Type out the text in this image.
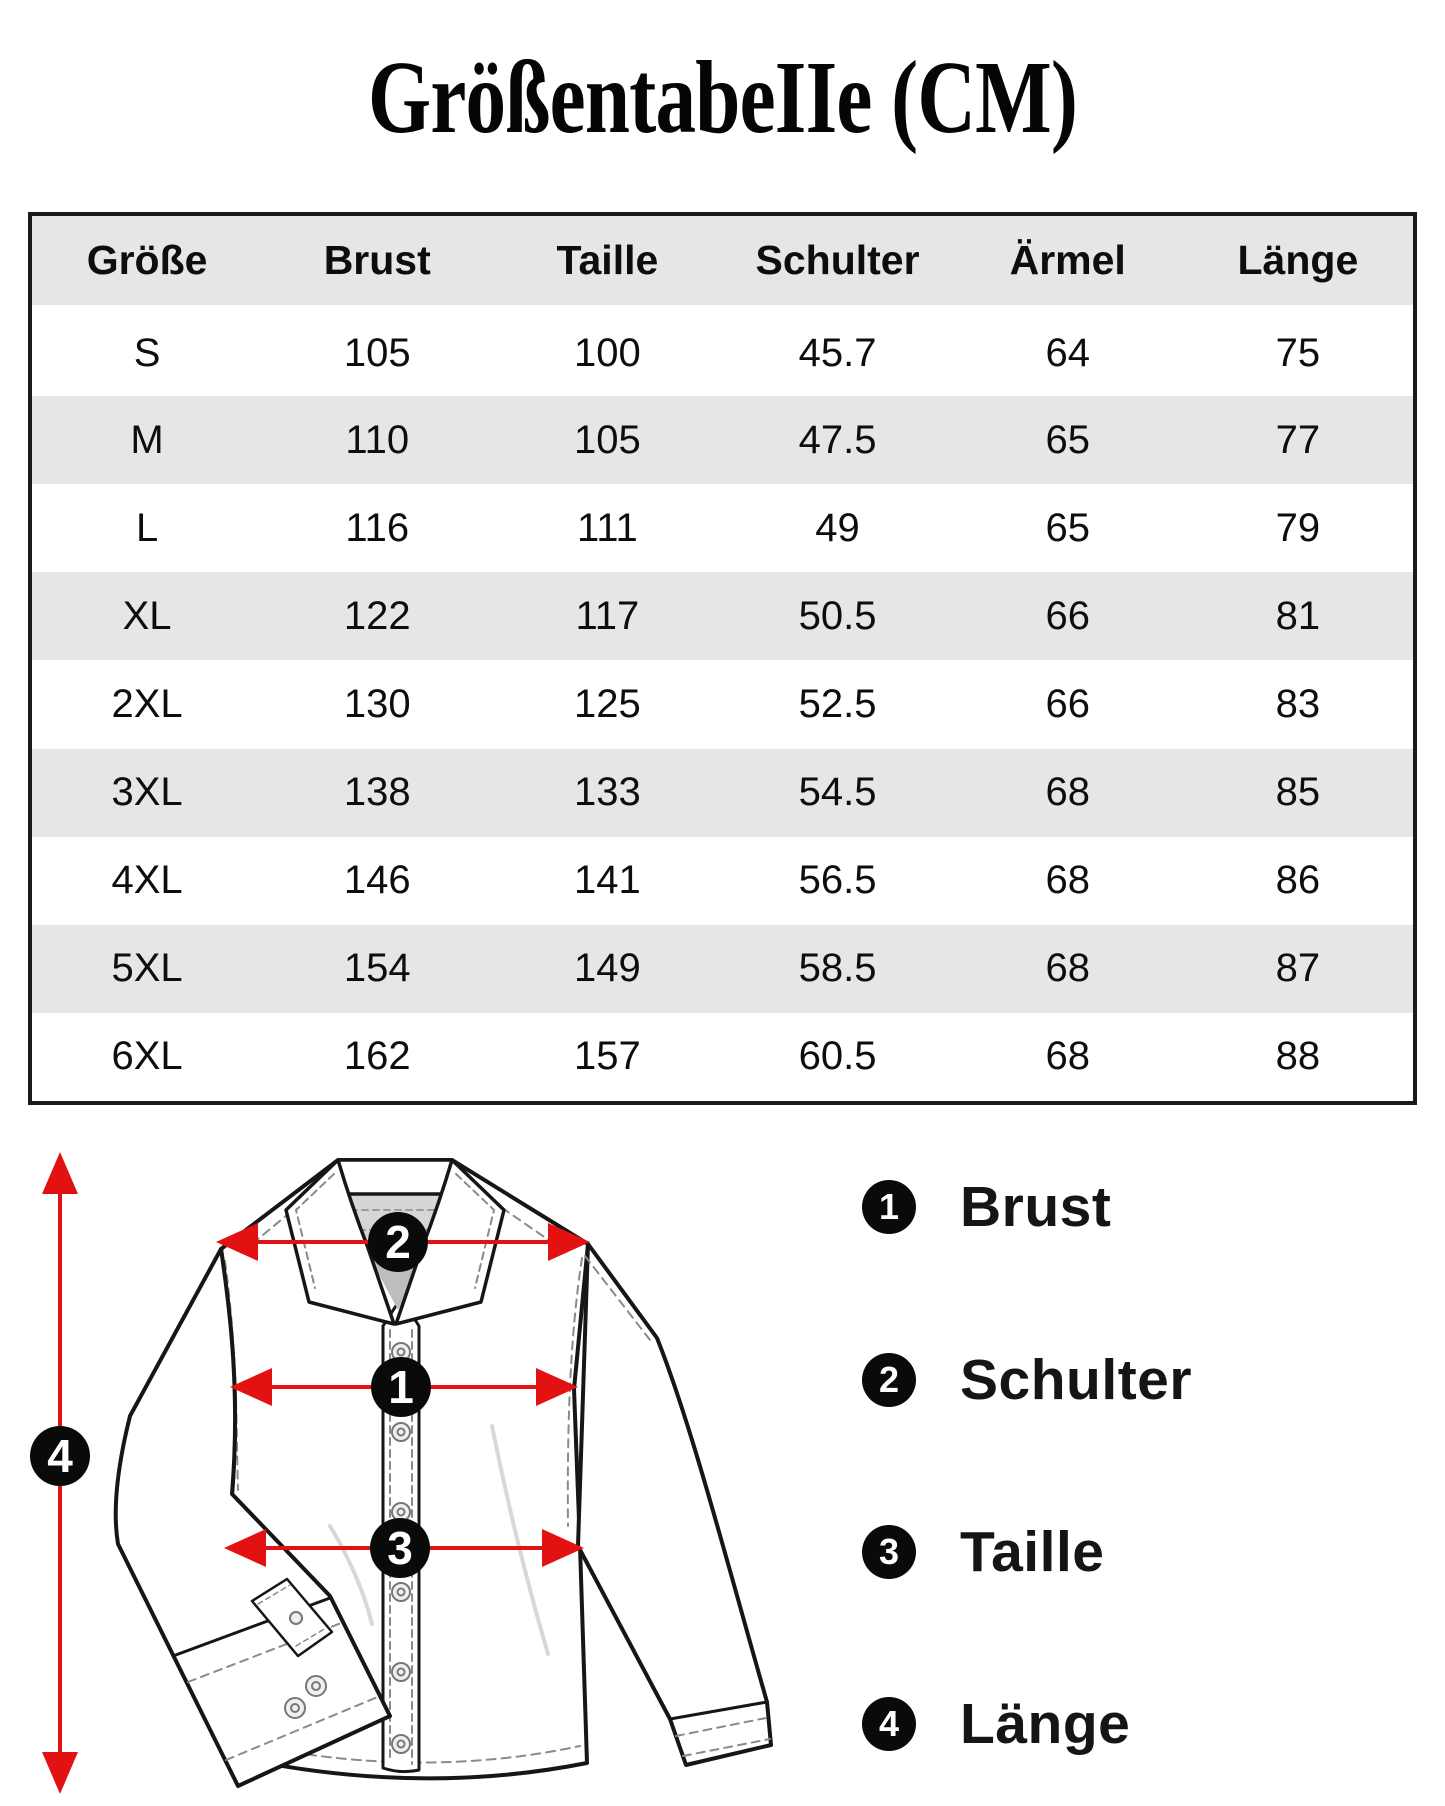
GrößentabeIIe (CM)
Größe	Brust	Taille	Schulter	Ärmel	Länge
S	105	100	45.7	64	75
M	110	105	47.5	65	77
L	116	111	49	65	79
XL	122	117	50.5	66	81
2XL	130	125	52.5	66	83
3XL	138	133	54.5	68	85
4XL	146	141	56.5	68	86
5XL	154	149	58.5	68	87
6XL	162	157	60.5	68	88
1
2
3
4
1 Brust
2 Schulter
3 Taille
4 Länge
